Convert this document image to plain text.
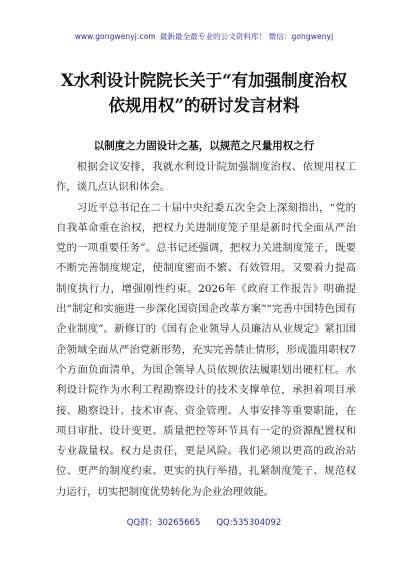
www.gongwenyj.com 最新最全最专业的公文资料库！ 微信：gongwenyj
X水利设计院院长关于“有加强制度治权
依规用权”的研讨发言材料
以制度之力固设计之基，以规范之尺量用权之行

根据会议安排，我就水利设计院加强制度治权、依规用权工作，谈几点认识和体会。

习近平总书记在二十届中央纪委五次全会上深刻指出，“党的自我革命重在治权，把权力关进制度笼子里是新时代全面从严治党的一项重要任务”。总书记还强调，把权力关进制度笼子，既要不断完善制度规定，使制度密而不繁、有效管用，又要着力提高制度执行力，增强刚性约束。2026年《政府工作报告》明确提出“制定和实施进一步深化国资国企改革方案”“完善中国特色国有企业制度”。新修订的《国有企业领导人员廉洁从业规定》紧扣国企领域全面从严治党新形势，充实完善禁止情形，形成滥用职权7个方面负面清单，为国企领导人员依规依法履职划出硬杠杠。水利设计院作为水利工程勘察设计的技术支撑单位，承担着项目承接、勘察设计、技术审查、资金管理、人事安排等重要职能，在项目审批、设计变更、质量把控等环节具有一定的资源配置权和专业裁量权。权力是责任，更是风险。我们必须以更高的政治站位、更严的制度约束、更实的执行举措，扎紧制度笼子、规范权力运行，切实把制度优势转化为企业治理效能。

QQ群：30265665 QQ:535304092
